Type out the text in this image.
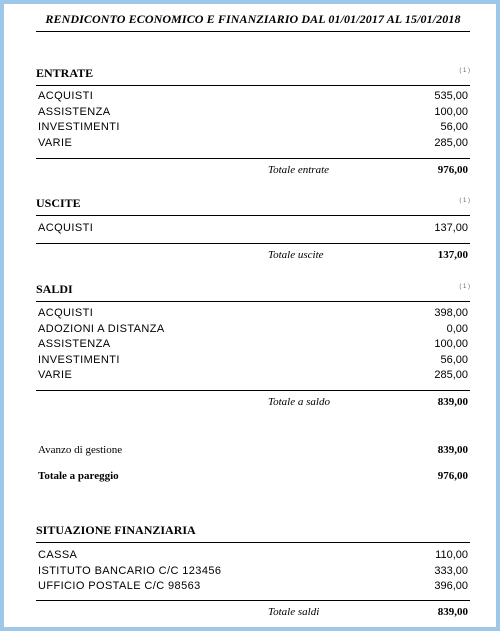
RENDICONTO ECONOMICO E FINANZIARIO DAL 01/01/2017 AL 15/01/2018
ENTRATE	( 1 )
ACQUISTI	535,00
ASSISTENZA	100,00
INVESTIMENTI	56,00
VARIE	285,00
Totale entrate	976,00
USCITE	( 1 )
ACQUISTI	137,00
Totale uscite	137,00
SALDI	( 1 )
ACQUISTI	398,00
ADOZIONI A DISTANZA	0,00
ASSISTENZA	100,00
INVESTIMENTI	56,00
VARIE	285,00
Totale a saldo	839,00
Avanzo di gestione	839,00
Totale a pareggio	976,00
SITUAZIONE FINANZIARIA
CASSA	110,00
ISTITUTO BANCARIO C/C 123456	333,00
UFFICIO POSTALE C/C 98563	396,00
Totale saldi	839,00
